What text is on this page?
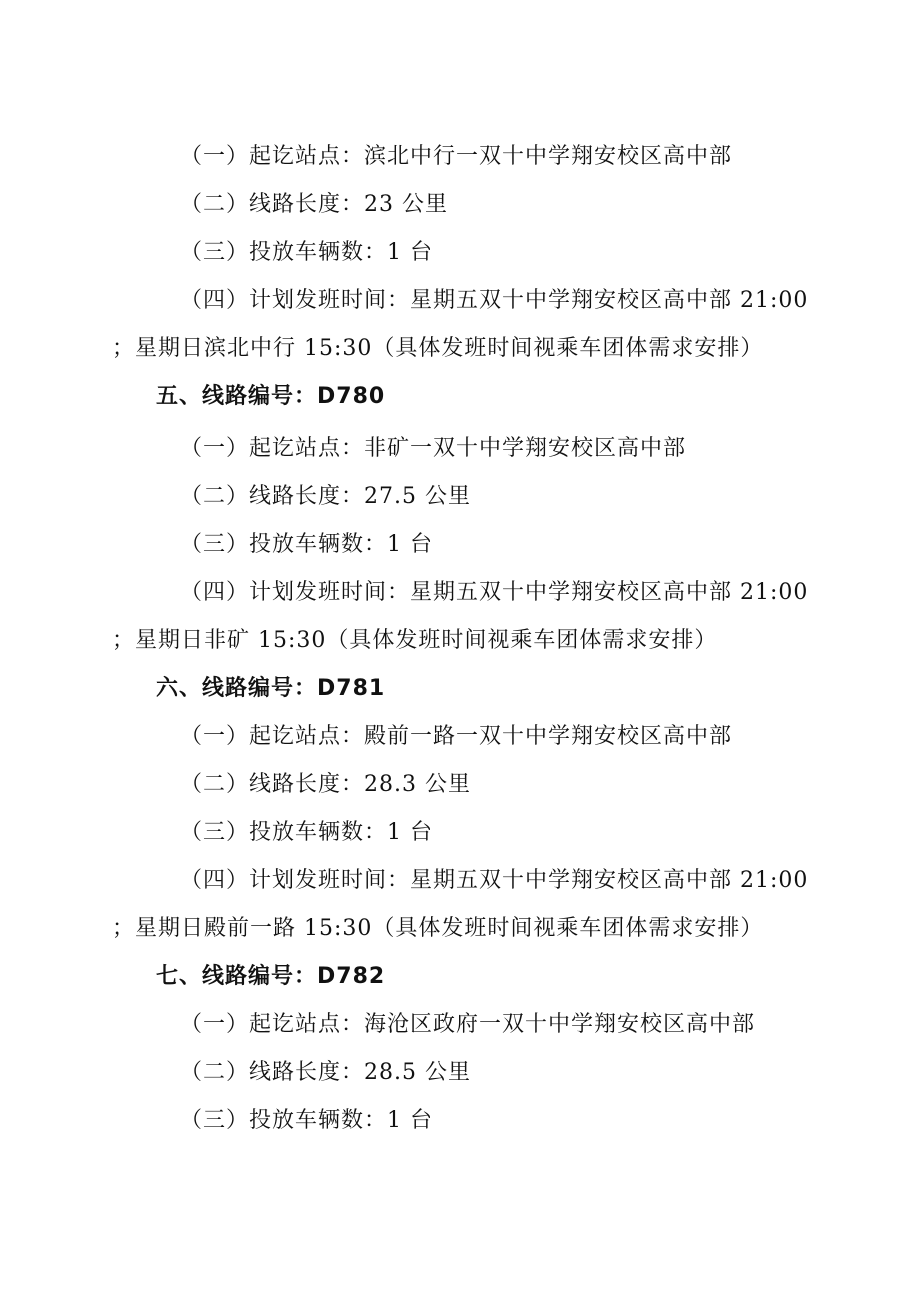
（一）起讫站点：滨北中行一双十中学翔安校区高中部
（二）线路长度：23 公里
（三）投放车辆数：1 台
（四）计划发班时间：星期五双十中学翔安校区高中部 21:00
；星期日滨北中行 15:30（具体发班时间视乘车团体需求安排）
五、线路编号：D780
（一）起讫站点：非矿一双十中学翔安校区高中部
（二）线路长度：27.5 公里
（三）投放车辆数：1 台
（四）计划发班时间：星期五双十中学翔安校区高中部 21:00
；星期日非矿 15:30（具体发班时间视乘车团体需求安排）
六、线路编号：D781
（一）起讫站点：殿前一路一双十中学翔安校区高中部
（二）线路长度：28.3 公里
（三）投放车辆数：1 台
（四）计划发班时间：星期五双十中学翔安校区高中部 21:00
；星期日殿前一路 15:30（具体发班时间视乘车团体需求安排）
七、线路编号：D782
（一）起讫站点：海沧区政府一双十中学翔安校区高中部
（二）线路长度：28.5 公里
（三）投放车辆数：1 台
